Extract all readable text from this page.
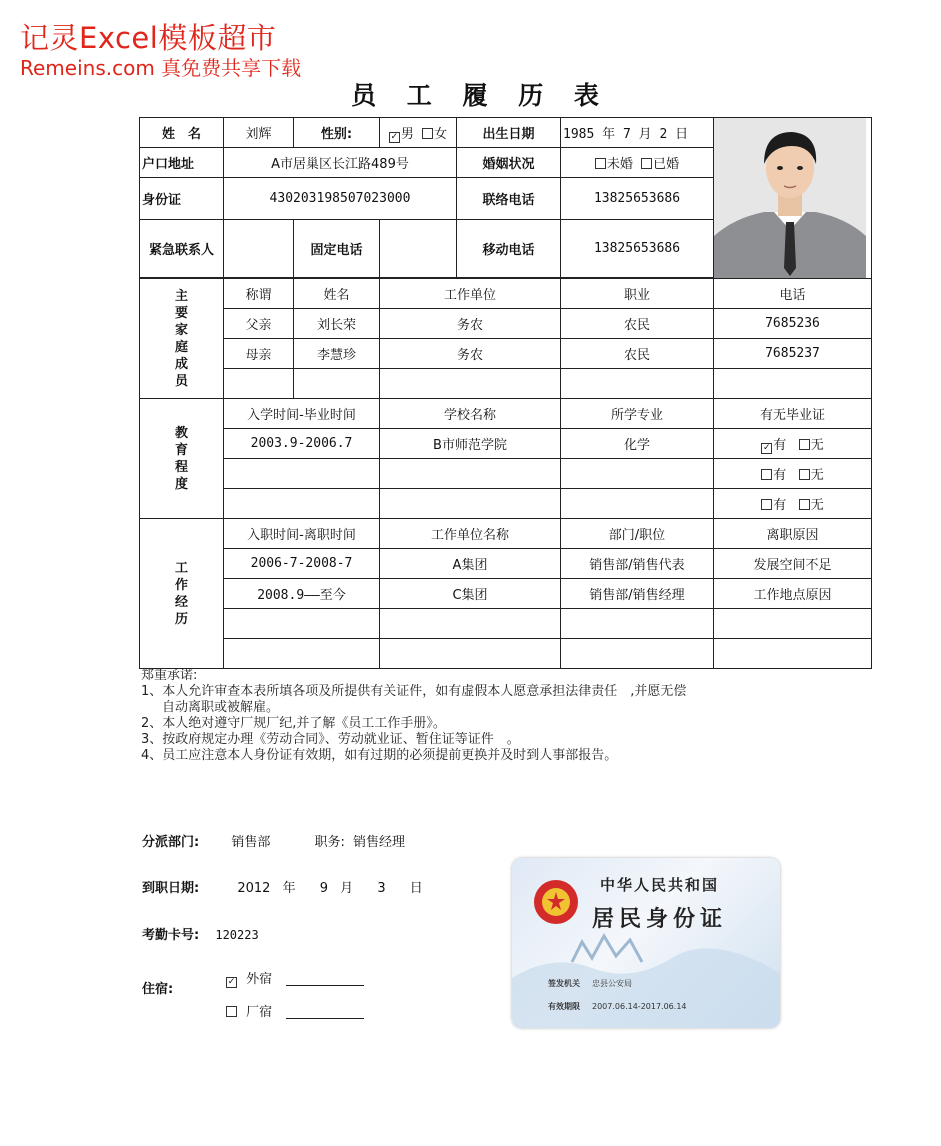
记灵Excel模板超市
Remeins.com 真免费共享下载
员 工 履 历 表
姓　名	刘辉	性别:	✓ 男 女	出生日期	1985 年 7 月 2 日	

户口地址	A市居巢区长江路489号			婚姻状况	未婚 已婚	
身份证	430203198507023000			联络电话	13825653686	
紧急联系人		固定电话		移动电话	13825653686	

主要家庭成员	称谓	姓名	工作单位		职业	电话
	父亲	刘长荣	务农		农民	7685236
	母亲	李慧珍	务农		农民	7685237

教育程度	入学时间-毕业时间		学校名称		所学专业	有无毕业证
	2003.9-2006.7		B市师范学院		化学	✓ 有 无
						有 无
						有 无

工作经历	入职时间-离职时间		工作单位名称		部门/职位	离职原因
	2006-7-2008-7		A集团		销售部/销售代表	发展空间不足
	2008.9——至今		C集团		销售部/销售经理	工作地点原因

郑重承诺:
1、本人允许审查本表所填各项及所提供有关证件，如有虚假本人愿意承担法律责任　,并愿无偿
自动离职或被解雇。
2、本人绝对遵守厂规厂纪,并了解《员工工作手册》。
3、按政府规定办理《劳动合同》、劳动就业证、暂住证等证件　。
4、员工应注意本人身份证有效期，如有过期的必须提前更换并及时到人事部报告。
分派部门: 销售部	职务: 销售经理
到职日期:	2012 年 9 月 3 日
考勤卡号: 120223
住宿:	✓ 外宿
厂宿
中华人民共和国
居民身份证
签发机关 忠县公安局
有效期限 2007.06.14-2017.06.14
